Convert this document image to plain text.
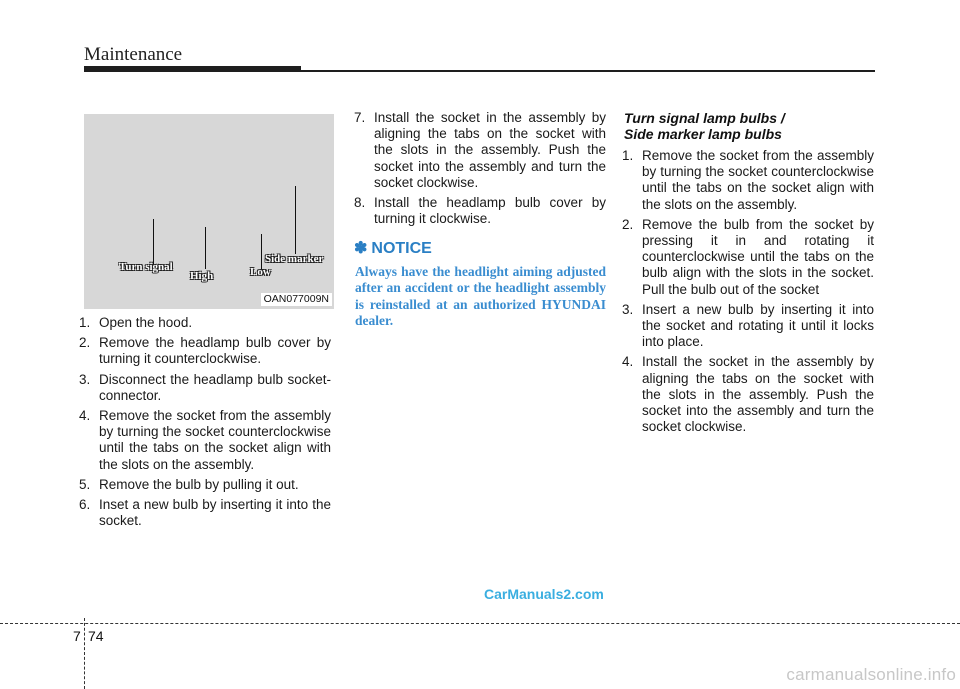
Maintenance
Turn signal
High	Low
Side marker
OAN077009N
1. Open the hood.
2. Remove the headlamp bulb cover by turning it counterclockwise.
3. Disconnect the headlamp bulb socket-connector.
4. Remove the socket from the assembly by turning the socket counterclockwise until the tabs on the socket align with the slots on the assembly.
5. Remove the bulb by pulling it out.
6. Inset a new bulb by inserting it into the socket.
7. Install the socket in the assembly by aligning the tabs on the socket with the slots in the assembly. Push the socket into the assembly and turn the socket clockwise.
8. Install the headlamp bulb cover by turning it clockwise.
✽ NOTICE
Always have the headlight aiming adjusted after an accident or the headlight assembly is reinstalled at an authorized HYUNDAI dealer.
Turn signal lamp bulbs /
Side marker lamp bulbs
1. Remove the socket from the assembly by turning the socket counterclockwise until the tabs on the socket align with the slots on the assembly.
2. Remove the bulb from the socket by pressing it in and rotating it counterclockwise until the tabs on the bulb align with the slots in the socket. Pull the bulb out of the socket
3. Insert a new bulb by inserting it into the socket and rotating it until it locks into place.
4. Install the socket in the assembly by aligning the tabs on the socket with the slots in the assembly. Push the socket into the assembly and turn the socket clockwise.
CarManuals2.com
7 74
carmanualsonline.info
